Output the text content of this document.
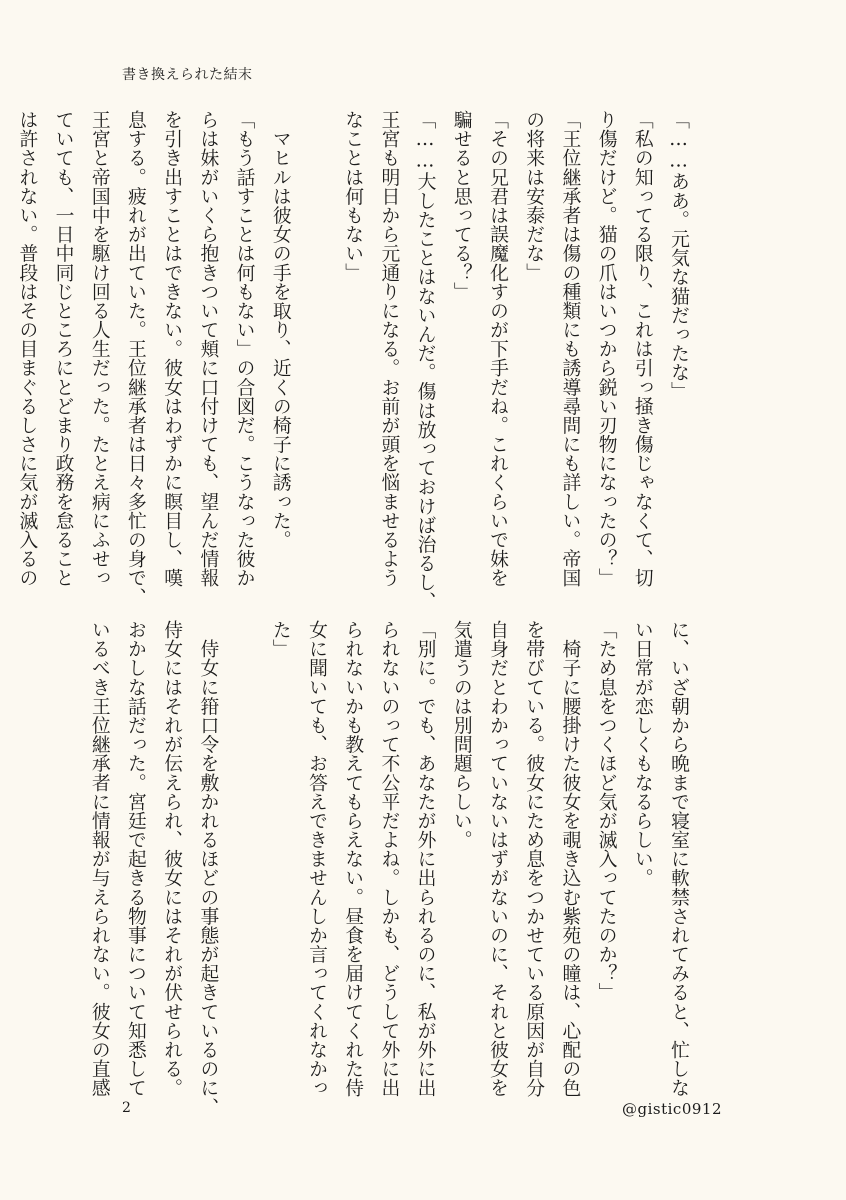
書き換えられた結末
「……ああ。元気な猫だったな」
「私の知ってる限り、これは引っ掻き傷じゃなくて、切
り傷だけど。猫の爪はいつから鋭い刃物になったの？」
「王位継承者は傷の種類にも誘導尋問にも詳しい。帝国
の将来は安泰だな」
「その兄君は誤魔化すのが下手だね。これくらいで妹を
騙せると思ってる？」
「……大したことはないんだ。傷は放っておけば治るし、
王宮も明日から元通りになる。お前が頭を悩ませるよう
なことは何もない」

　マヒルは彼女の手を取り、近くの椅子に誘った。
「もう話すことは何もない」の合図だ。こうなった彼か
らは妹がいくら抱きついて頬に口付けても、望んだ情報
を引き出すことはできない。彼女はわずかに瞑目し、嘆
息する。疲れが出ていた。王位継承者は日々多忙の身で、
王宮と帝国中を駆け回る人生だった。たとえ病にふせっ
ていても、一日中同じところにとどまり政務を怠ること
は許されない。普段はその目まぐるしさに気が滅入るの
に、いざ朝から晩まで寝室に軟禁されてみると、忙しな
い日常が恋しくもなるらしい。
「ため息をつくほど気が滅入ってたのか？」
　椅子に腰掛けた彼女を覗き込む紫苑の瞳は、心配の色
を帯びている。彼女にため息をつかせている原因が自分
自身だとわかっていないはずがないのに、それと彼女を
気遣うのは別問題らしい。
「別に。でも、あなたが外に出られるのに、私が外に出
られないのって不公平だよね。しかも、どうして外に出
られないかも教えてもらえない。昼食を届けてくれた侍
女に聞いても、お答えできませんしか言ってくれなかっ
た」

　侍女に箝口令を敷かれるほどの事態が起きているのに、
侍女にはそれが伝えられ、彼女にはそれが伏せられる。
おかしな話だった。宮廷で起きる物事について知悉して
いるべき王位継承者に情報が与えられない。彼女の直感
2	@gistic0912
